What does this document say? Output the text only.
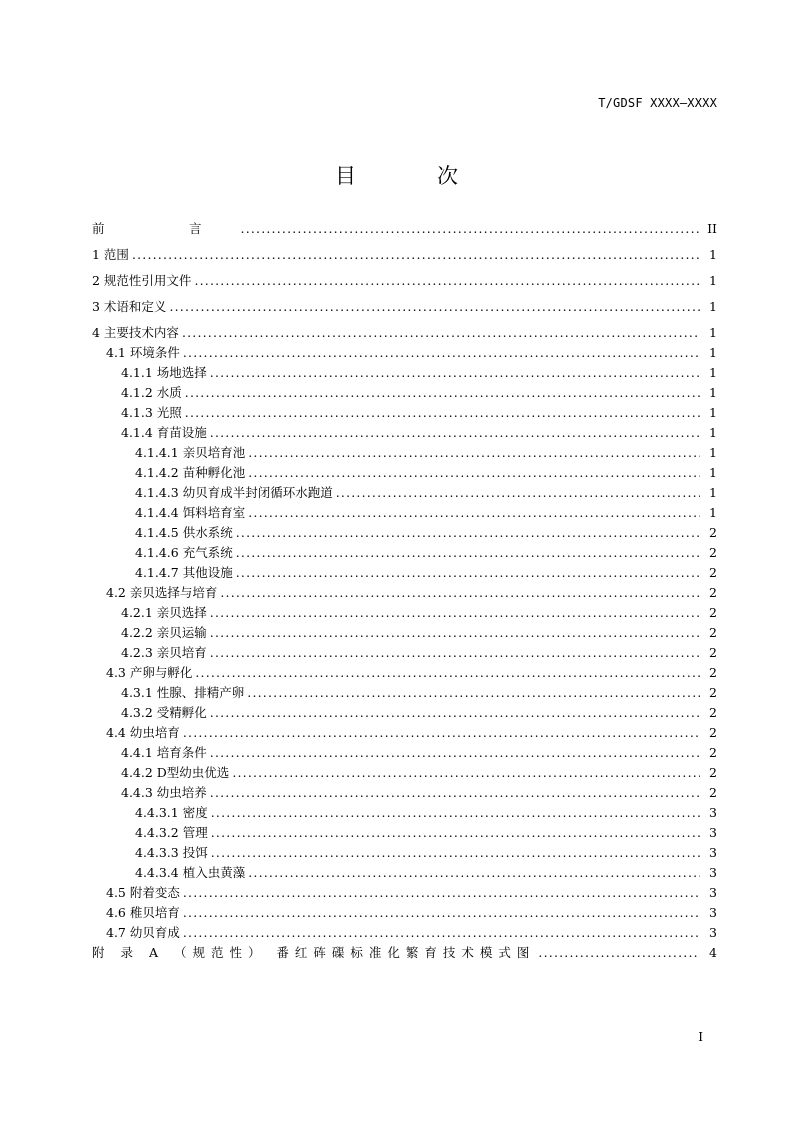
T/GDSF XXXX—XXXX
目　次
前　言 .....	II
1 范围 .....	1
2 规范性引用文件 .....	1
3 术语和定义 .....	1
4 主要技术内容 .....	1
4.1 环境条件 .....	1
4.1.1 场地选择 .....	1
4.1.2 水质 .....	1
4.1.3 光照 .....	1
4.1.4 育苗设施 .....	1
4.1.4.1 亲贝培育池 .....	1
4.1.4.2 苗种孵化池 .....	1
4.1.4.3 幼贝育成半封闭循环水跑道 .....	1
4.1.4.4 饵料培育室 .....	1
4.1.4.5 供水系统 .....	2
4.1.4.6 充气系统 .....	2
4.1.4.7 其他设施 .....	2
4.2 亲贝选择与培育 .....	2
4.2.1 亲贝选择 .....	2
4.2.2 亲贝运输 .....	2
4.2.3 亲贝培育 .....	2
4.3 产卵与孵化 .....	2
4.3.1 性腺、排精产卵 .....	2
4.3.2 受精孵化 .....	2
4.4 幼虫培育 .....	2
4.4.1 培育条件 .....	2
4.4.2 D型幼虫优选 .....	2
4.4.3 幼虫培养 .....	2
4.4.3.1 密度 .....	3
4.4.3.2 管理 .....	3
4.4.3.3 投饵 .....	3
4.4.3.4 植入虫黄藻 .....	3
4.5 附着变态 .....	3
4.6 稚贝培育 .....	3
4.7 幼贝育成 .....	3
附 录 A （规范性） 番红砗磲标准化繁育技术模式图 .....	4
I
